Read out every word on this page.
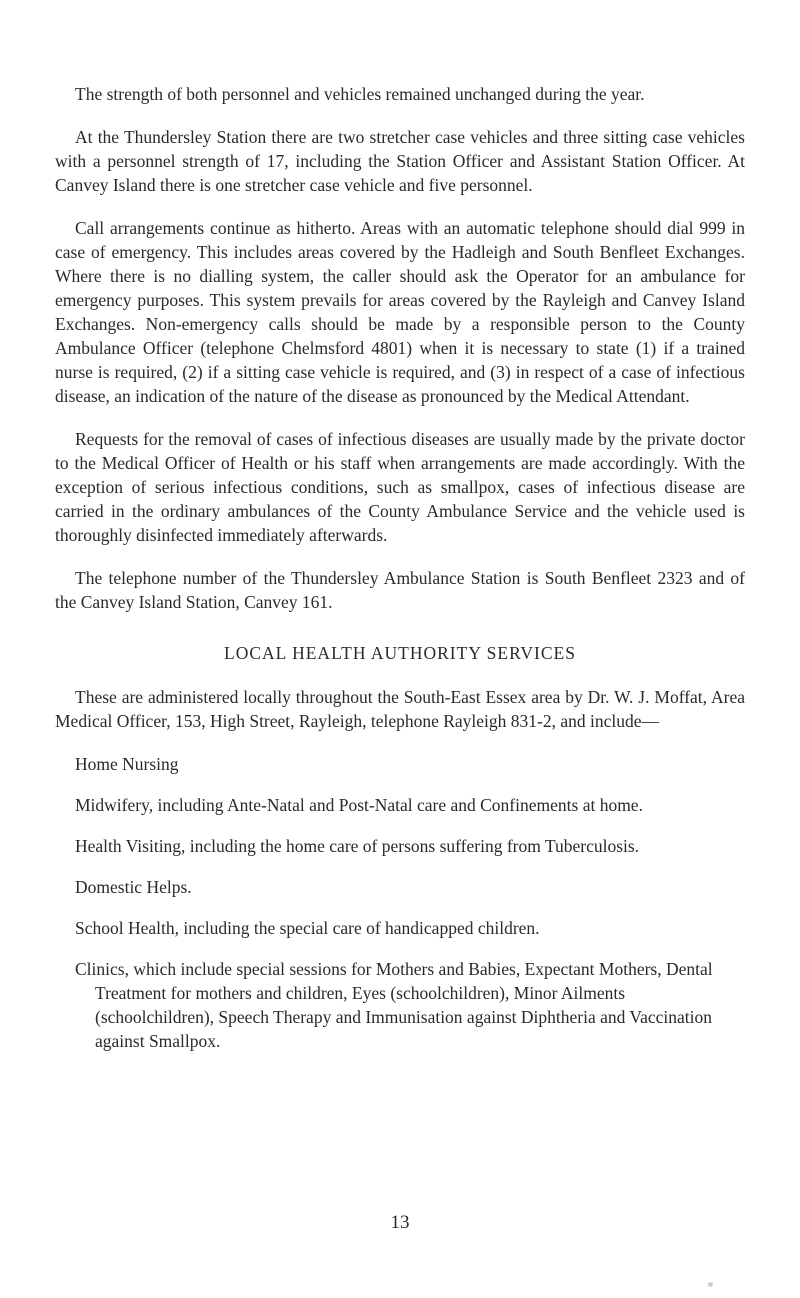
The strength of both personnel and vehicles remained unchanged during the year.

At the Thundersley Station there are two stretcher case vehicles and three sitting case vehicles with a personnel strength of 17, including the Station Officer and Assistant Station Officer. At Canvey Island there is one stretcher case vehicle and five personnel.

Call arrangements continue as hitherto. Areas with an automatic telephone should dial 999 in case of emergency. This includes areas covered by the Hadleigh and South Benfleet Exchanges. Where there is no dialling system, the caller should ask the Operator for an ambulance for emergency purposes. This system prevails for areas covered by the Rayleigh and Canvey Island Exchanges. Non-emergency calls should be made by a responsible person to the County Ambulance Officer (telephone Chelmsford 4801) when it is necessary to state (1) if a trained nurse is required, (2) if a sitting case vehicle is required, and (3) in respect of a case of infectious disease, an indication of the nature of the disease as pronounced by the Medical Attendant.

Requests for the removal of cases of infectious diseases are usually made by the private doctor to the Medical Officer of Health or his staff when arrangements are made accordingly. With the exception of serious infectious conditions, such as smallpox, cases of infectious disease are carried in the ordinary ambulances of the County Ambulance Service and the vehicle used is thoroughly disinfected immediately afterwards.

The telephone number of the Thundersley Ambulance Station is South Benfleet 2323 and of the Canvey Island Station, Canvey 161.

LOCAL HEALTH AUTHORITY SERVICES

These are administered locally throughout the South-East Essex area by Dr. W. J. Moffat, Area Medical Officer, 153, High Street, Rayleigh, telephone Rayleigh 831-2, and include—

Home Nursing
Midwifery, including Ante-Natal and Post-Natal care and Confinements at home.
Health Visiting, including the home care of persons suffering from Tuberculosis.
Domestic Helps.
School Health, including the special care of handicapped children.
Clinics, which include special sessions for Mothers and Babies, Expectant Mothers, Dental Treatment for mothers and children, Eyes (schoolchildren), Minor Ailments (schoolchildren), Speech Therapy and Immunisation against Diphtheria and Vaccination against Smallpox.
13
